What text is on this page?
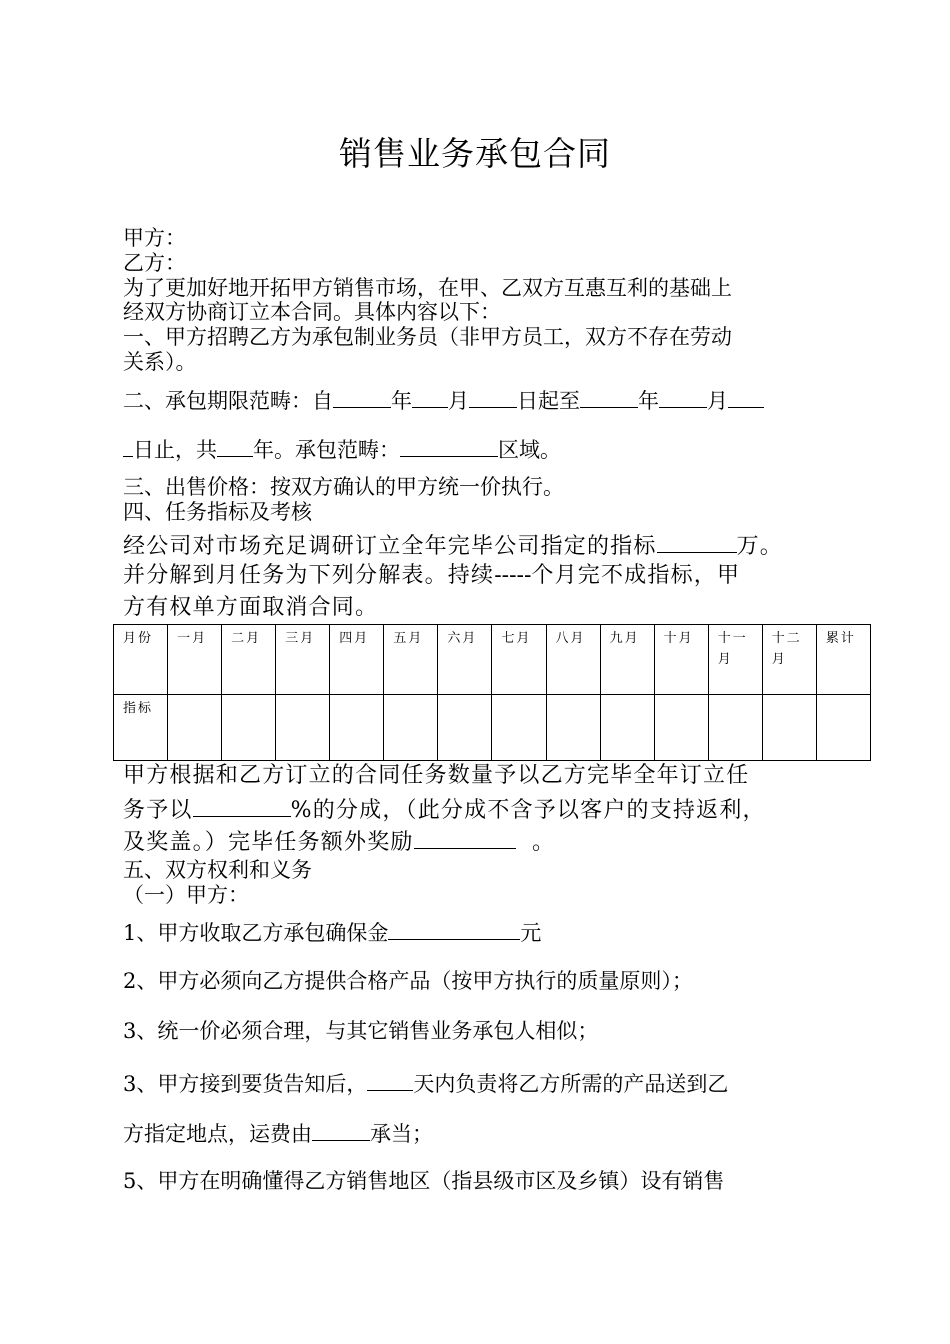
销售业务承包合同
甲方：
乙方：
为了更加好地开拓甲方销售市场，在甲、乙双方互惠互利的基础上
经双方协商订立本合同。具体内容以下：
一、甲方招聘乙方为承包制业务员（非甲方员工，双方不存在劳动
关系）。
二、承包期限范畴：自	年 月 日起至	年 月
日止，共 年。承包范畴：	区域。
三、出售价格：按双方确认的甲方统一价执行。
四、任务指标及考核
经公司对市场充足调研订立全年完毕公司指定的指标	万。
并分解到月任务为下列分解表。持续-----个月完不成指标，甲
方有权单方面取消合同。
月份	一月	二月	三月	四月	五月	六月	七月	八月	九月	十月	十一月	十二月	累计
指标													
甲方根据和乙方订立的合同任务数量予以乙方完毕全年订立任
务予以	%的分成，（此分成不含予以客户的支持返利，
及奖盖。）完毕任务额外奖励	。
五、双方权利和义务
（一）甲方：
1、甲方收取乙方承包确保金	元
2、甲方必须向乙方提供合格产品（按甲方执行的质量原则）；
3、统一价必须合理，与其它销售业务承包人相似；
3、甲方接到要货告知后， 天内负责将乙方所需的产品送到乙
方指定地点，运费由	承当；
5、甲方在明确懂得乙方销售地区（指县级市区及乡镇）设有销售
